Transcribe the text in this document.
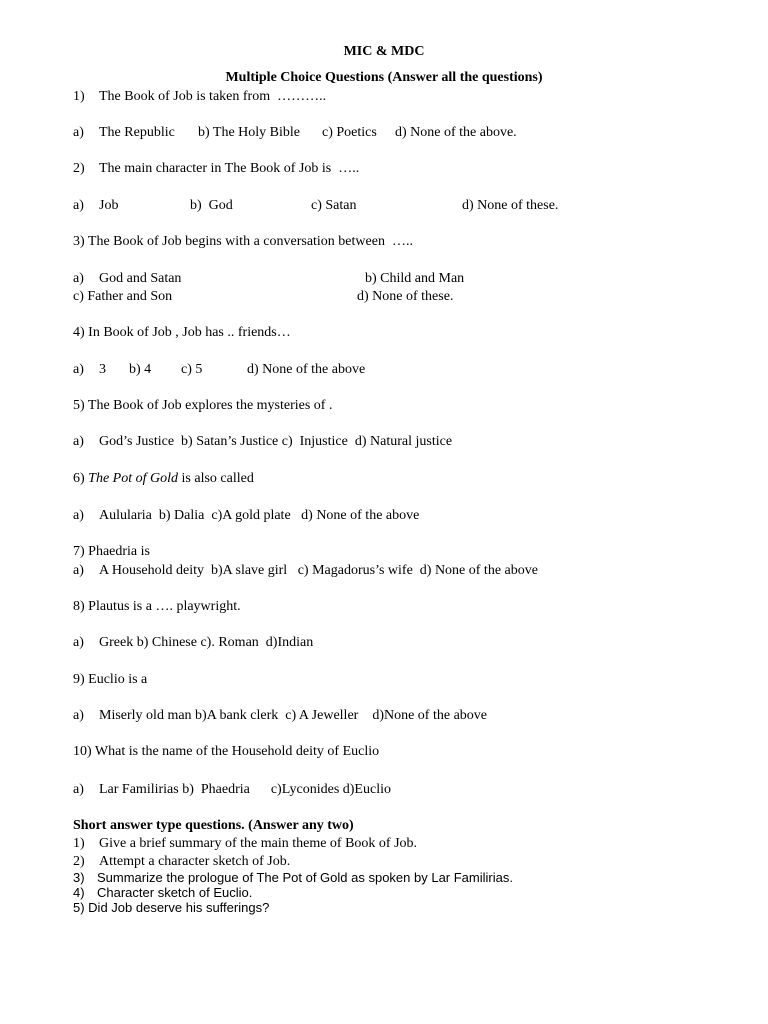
MIC & MDC
Multiple Choice Questions (Answer all the questions)
1) The Book of Job is taken from  ………..
a) The Republic b) The Holy Bible c) Poetics d) None of the above.
2) The main character in The Book of Job is  …..
a) Job	b)  God	c) Satan	d) None of these.
3) The Book of Job begins with a conversation between  …..
a) God and Satan	b) Child and Man
c) Father and Son	d) None of these.
4) In Book of Job , Job has .. friends…
a) 3 b) 4 c) 5	d) None of the above
5) The Book of Job explores the mysteries of .
a) God’s Justice  b) Satan’s Justice c)  Injustice  d) Natural justice
6) The Pot of Gold is also called
a) Aulularia  b) Dalia  c)A gold plate   d) None of the above
7) Phaedria is
a) A Household deity  b)A slave girl   c) Magadorus’s wife  d) None of the above
8) Plautus is a …. playwright.
a) Greek b) Chinese c). Roman  d)Indian
9) Euclio is a
a) Miserly old man b)A bank clerk  c) A Jeweller    d)None of the above
10) What is the name of the Household deity of Euclio
a) Lar Familirias b)  Phaedria      c)Lyconides d)Euclio
Short answer type questions. (Answer any two)
1) Give a brief summary of the main theme of Book of Job.
2) Attempt a character sketch of Job.
3) Summarize the prologue of The Pot of Gold as spoken by Lar Familirias.
4) Character sketch of Euclio.
5) Did Job deserve his sufferings?
